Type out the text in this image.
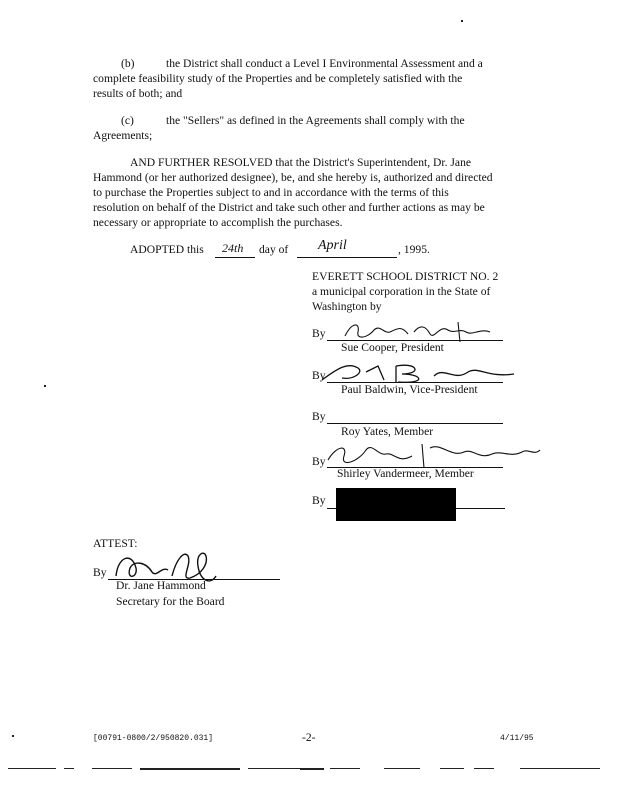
(b)	the District shall conduct a Level I Environmental Assessment and a
complete feasibility study of the Properties and be completely satisfied with the
results of both; and
(c)	the "Sellers" as defined in the Agreements shall comply with the
Agreements;
AND FURTHER RESOLVED that the District's Superintendent, Dr. Jane
Hammond (or her authorized designee), be, and she hereby is, authorized and directed
to purchase the Properties subject to and in accordance with the terms of this
resolution on behalf of the District and take such other and further actions as may be
necessary or appropriate to accomplish the purchases.
ADOPTED this 24th day of April	, 1995.
EVERETT SCHOOL DISTRICT NO. 2
a municipal corporation in the State of
Washington by
By
Sue Cooper, President
By
Paul Baldwin, Vice-President
By
Roy Yates, Member
By
Shirley Vandermeer, Member
By
ATTEST:
By
Dr. Jane Hammond
Secretary for the Board
[00791-0800/2/950820.031]	-2-	4/11/95
